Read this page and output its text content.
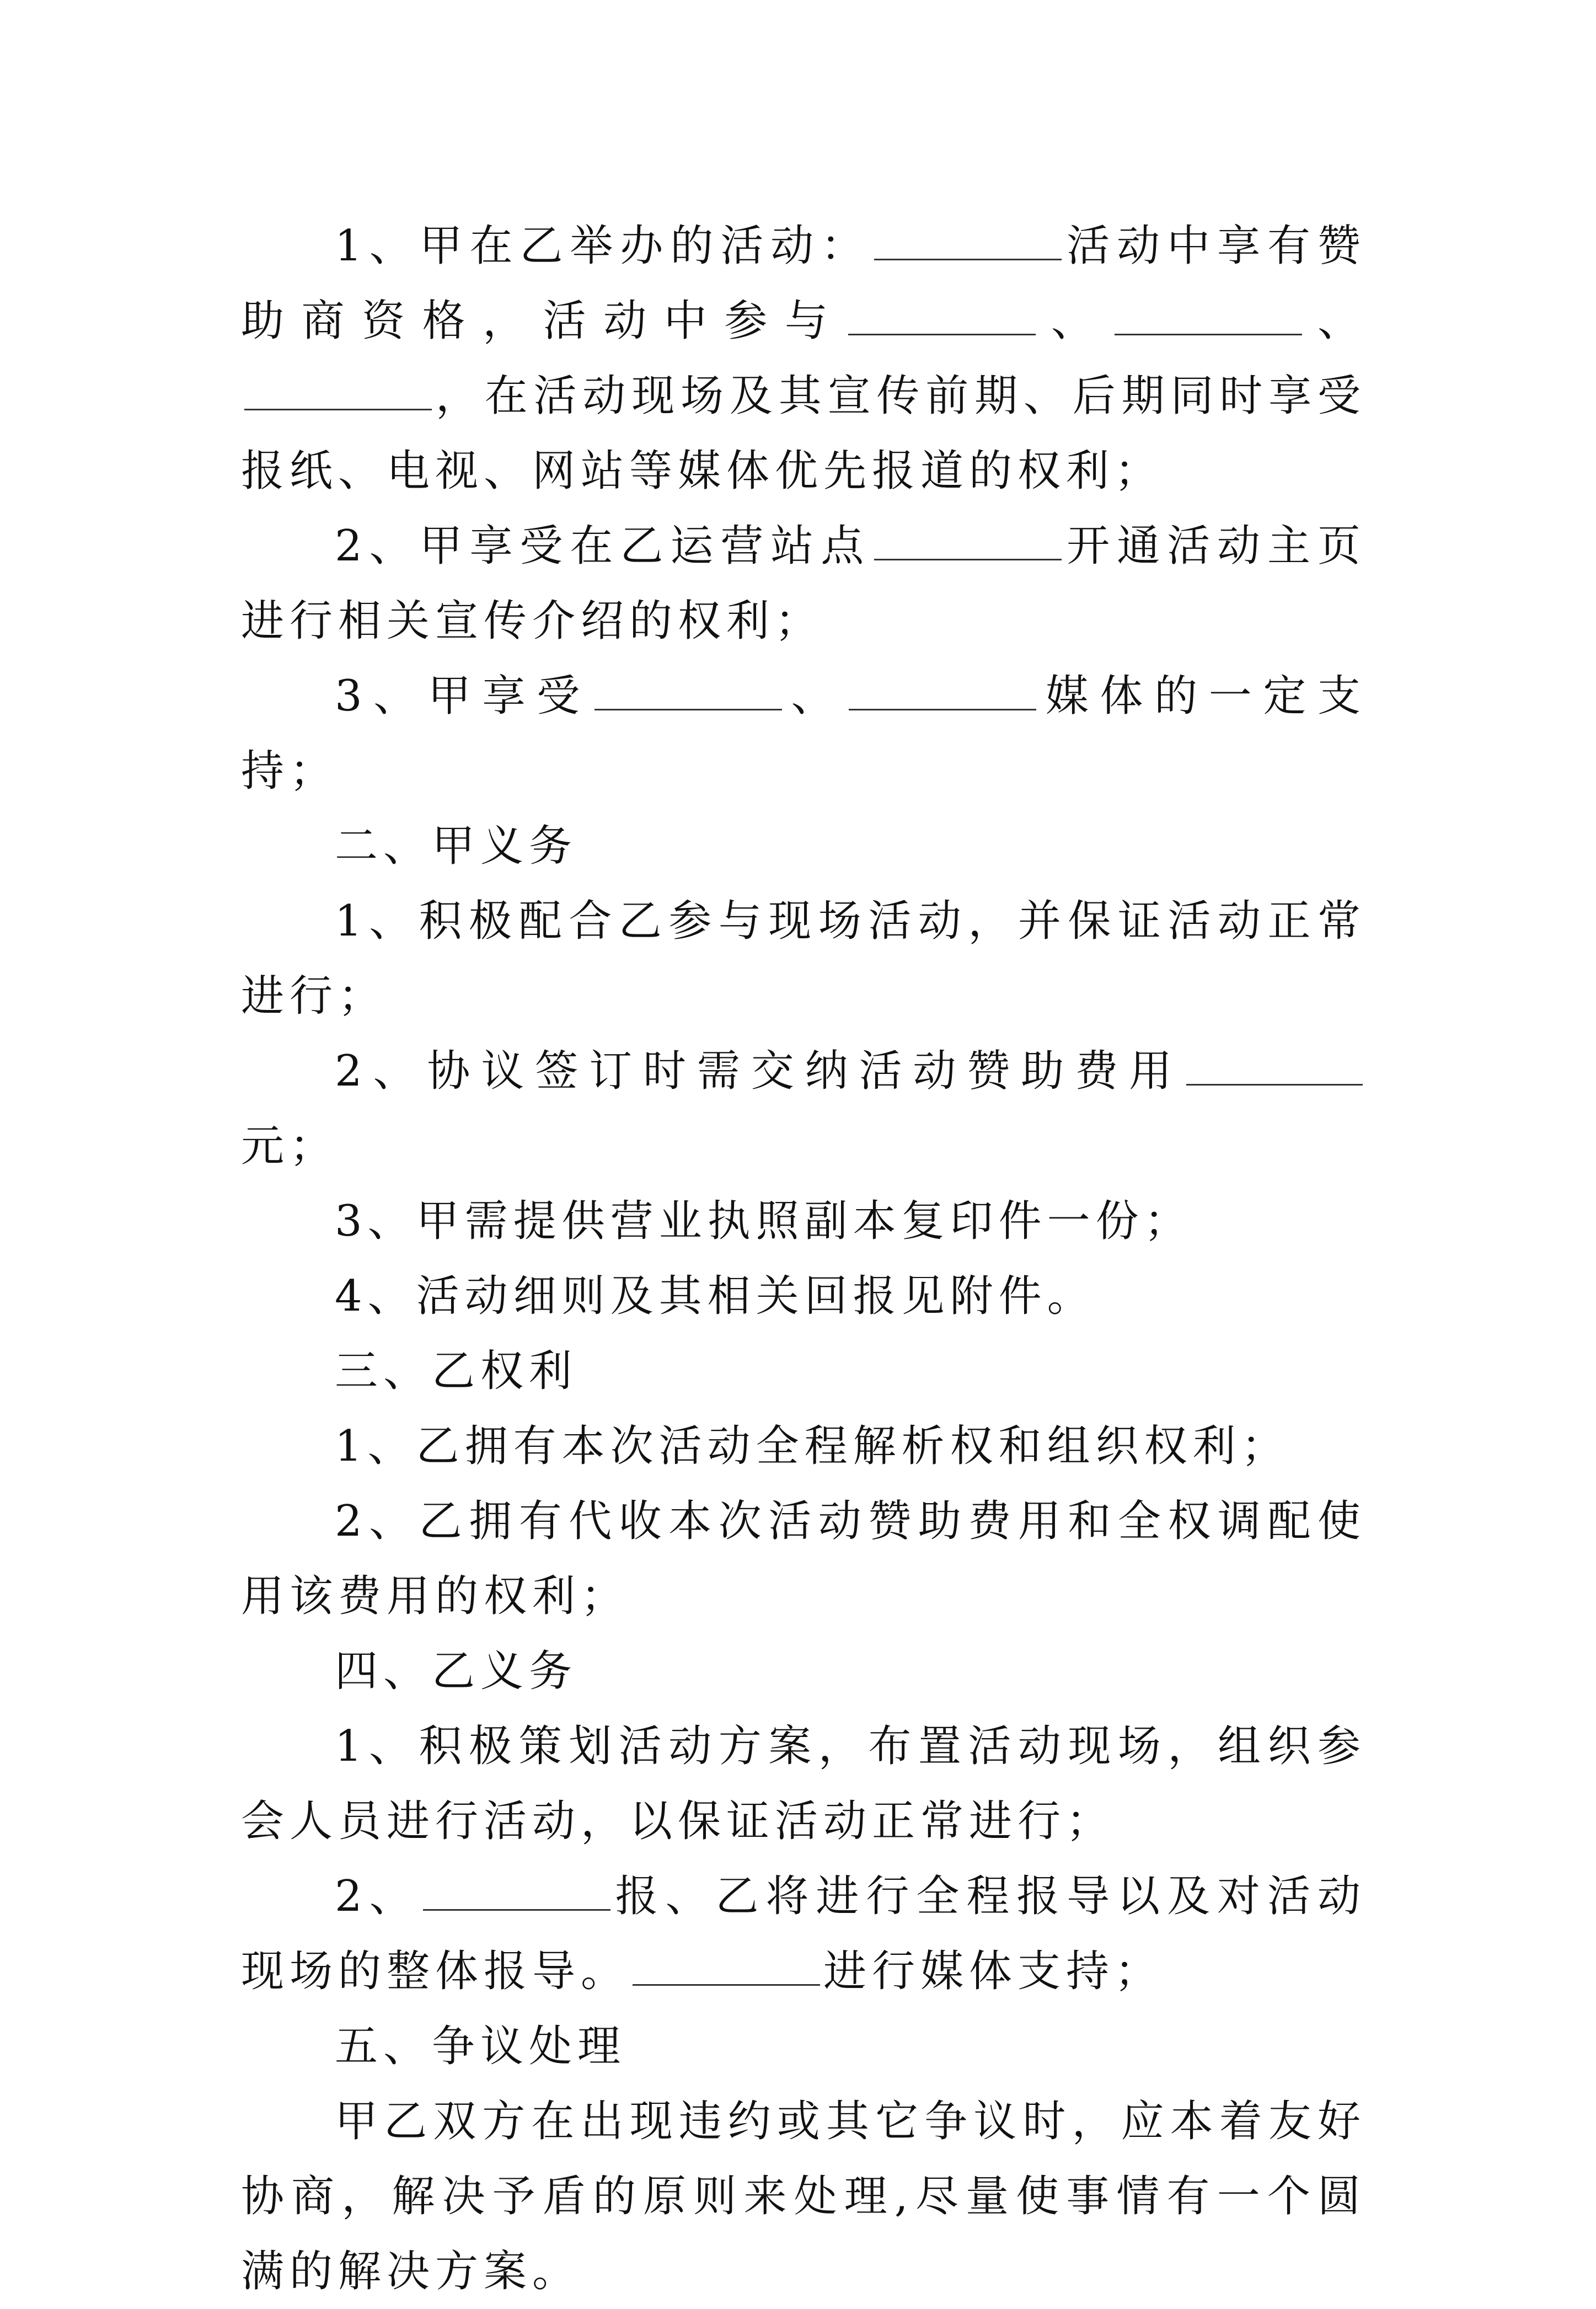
1、甲在乙举办的活动：	活动中享有赞助商资格，活动中参与	、	、，在活动现场及其宣传前期、后期同时享受报纸、电视、网站等媒体优先报道的权利；

2、甲享受在乙运营站点	开通活动主页进行相关宣传介绍的权利；

3、甲享受	、	媒体的一定支持；

二、甲义务

1、积极配合乙参与现场活动，并保证活动正常进行；

2、协议签订时需交纳活动赞助费用元；

3、甲需提供营业执照副本复印件一份；

4、活动细则及其相关回报见附件。

三、乙权利

1、乙拥有本次活动全程解析权和组织权利；

2、乙拥有代收本次活动赞助费用和全权调配使用该费用的权利；

四、乙义务

1、积极策划活动方案，布置活动现场，组织参会人员进行活动，以保证活动正常进行；

2、	报、乙将进行全程报导以及对活动现场的整体报导。	进行媒体支持；

五、争议处理

甲乙双方在出现违约或其它争议时，应本着友好协商，解决予盾的原则来处理,尽量使事情有一个圆满的解决方案。
